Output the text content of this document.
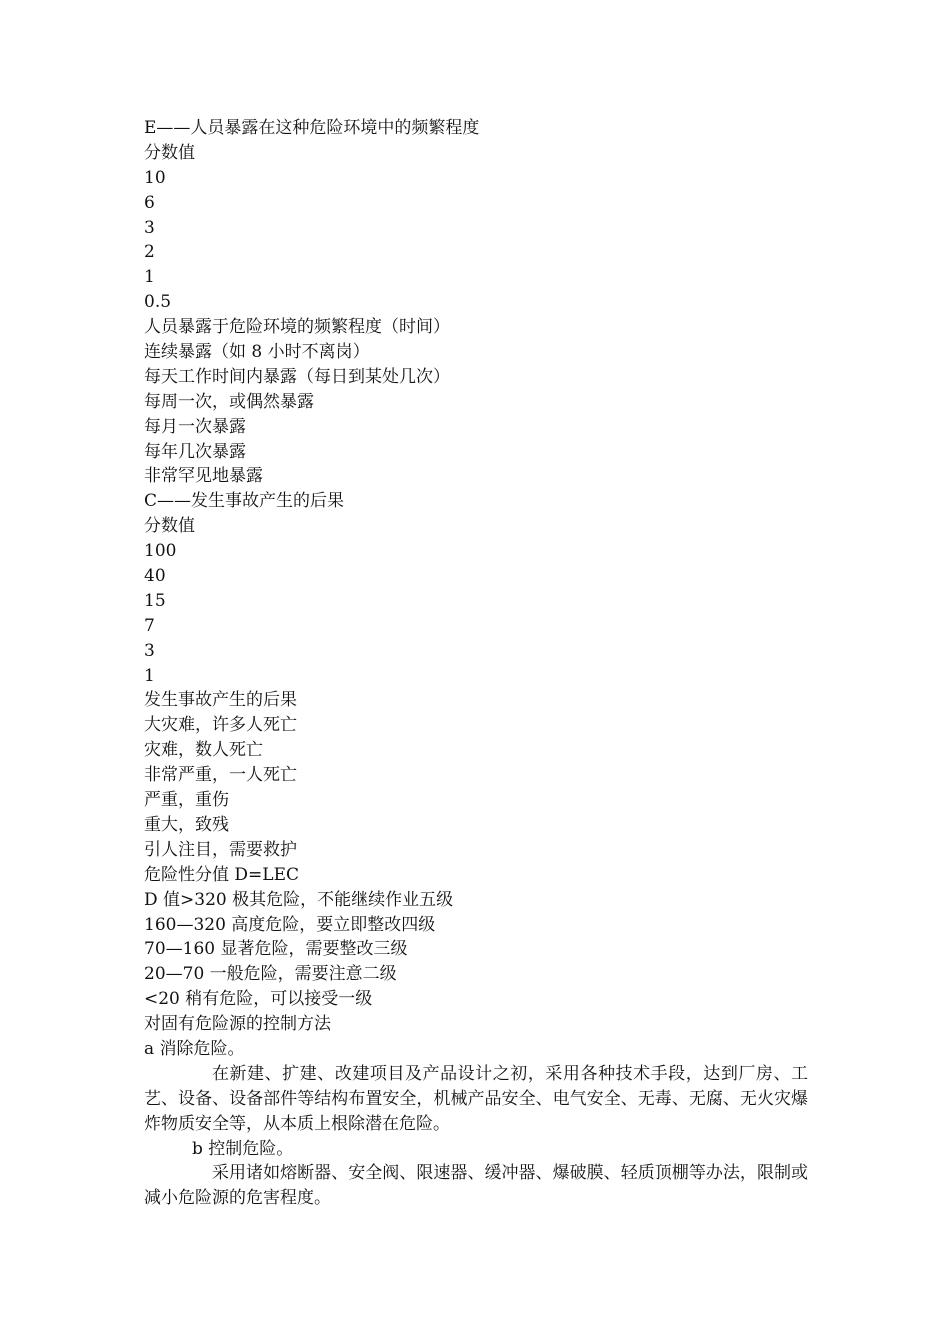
E——人员暴露在这种危险环境中的频繁程度
分数值
10
6
3
2
1
0.5
人员暴露于危险环境的频繁程度（时间）
连续暴露（如 8 小时不离岗）
每天工作时间内暴露（每日到某处几次）
每周一次，或偶然暴露
每月一次暴露
每年几次暴露
非常罕见地暴露
C——发生事故产生的后果
分数值
100
40
15
7
3
1
发生事故产生的后果
大灾难，许多人死亡
灾难，数人死亡
非常严重，一人死亡
严重，重伤
重大，致残
引人注目，需要救护
危险性分值 D=LEC
D 值>320 极其危险，不能继续作业五级
160—320 高度危险，要立即整改四级
70—160 显著危险，需要整改三级
20—70 一般危险，需要注意二级
<20 稍有危险，可以接受一级
对固有危险源的控制方法
a 消除危险。
在新建、扩建、改建项目及产品设计之初，采用各种技术手段，达到厂房、工艺、设备、设备部件等结构布置安全，机械产品安全、电气安全、无毒、无腐、无火灾爆炸物质安全等，从本质上根除潜在危险。
b 控制危险。
采用诸如熔断器、安全阀、限速器、缓冲器、爆破膜、轻质顶棚等办法，限制或减小危险源的危害程度。
